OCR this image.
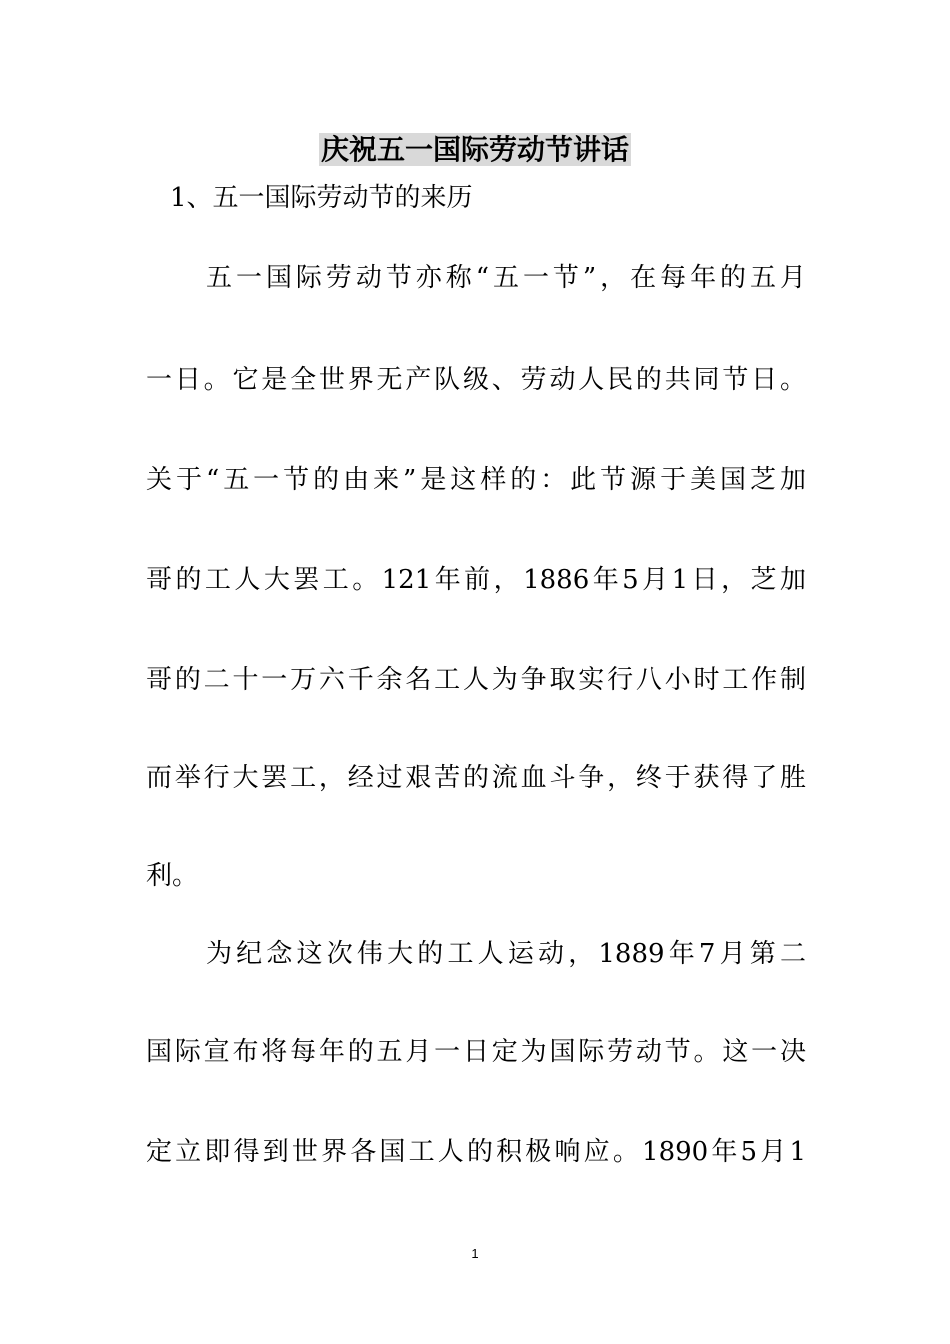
庆祝五一国际劳动节讲话

1、五一国际劳动节的来历

五一国际劳动节亦称“五一节”，在每年的五月

一日。它是全世界无产队级、劳动人民的共同节日。

关于“五一节的由来”是这样的：此节源于美国芝加

哥的工人大罢工。121年前，1886年5月1日，芝加

哥的二十一万六千余名工人为争取实行八小时工作制

而举行大罢工，经过艰苦的流血斗争，终于获得了胜

利。

为纪念这次伟大的工人运动，1889年7月第二

国际宣布将每年的五月一日定为国际劳动节。这一决

定立即得到世界各国工人的积极响应。1890年5月1

1
